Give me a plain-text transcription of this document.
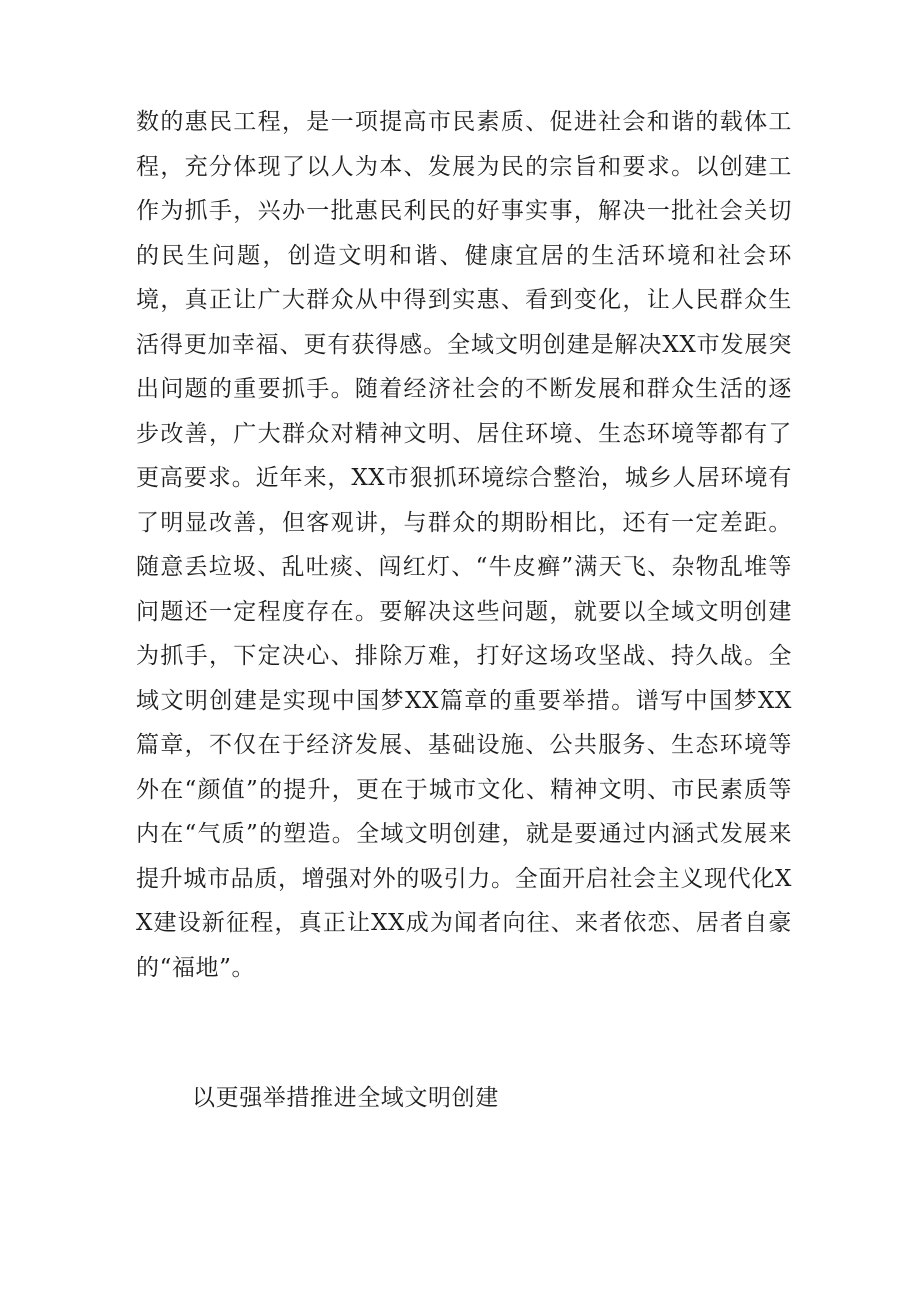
数的惠民工程，是一项提高市民素质、促进社会和谐的载体工程，充分体现了以人为本、发展为民的宗旨和要求。以创建工作为抓手，兴办一批惠民利民的好事实事，解决一批社会关切的民生问题，创造文明和谐、健康宜居的生活环境和社会环境，真正让广大群众从中得到实惠、看到变化，让人民群众生活得更加幸福、更有获得感。全域文明创建是解决XX市发展突出问题的重要抓手。随着经济社会的不断发展和群众生活的逐步改善，广大群众对精神文明、居住环境、生态环境等都有了更高要求。近年来，XX市狠抓环境综合整治，城乡人居环境有了明显改善，但客观讲，与群众的期盼相比，还有一定差距。随意丢垃圾、乱吐痰、闯红灯、“牛皮癣”满天飞、杂物乱堆等问题还一定程度存在。要解决这些问题，就要以全域文明创建为抓手，下定决心、排除万难，打好这场攻坚战、持久战。全域文明创建是实现中国梦XX篇章的重要举措。谱写中国梦XX篇章，不仅在于经济发展、基础设施、公共服务、生态环境等外在“颜值”的提升，更在于城市文化、精神文明、市民素质等内在“气质”的塑造。全域文明创建，就是要通过内涵式发展来提升城市品质，增强对外的吸引力。全面开启社会主义现代化XX建设新征程，真正让XX成为闻者向往、来者依恋、居者自豪的“福地”。

以更强举措推进全域文明创建
